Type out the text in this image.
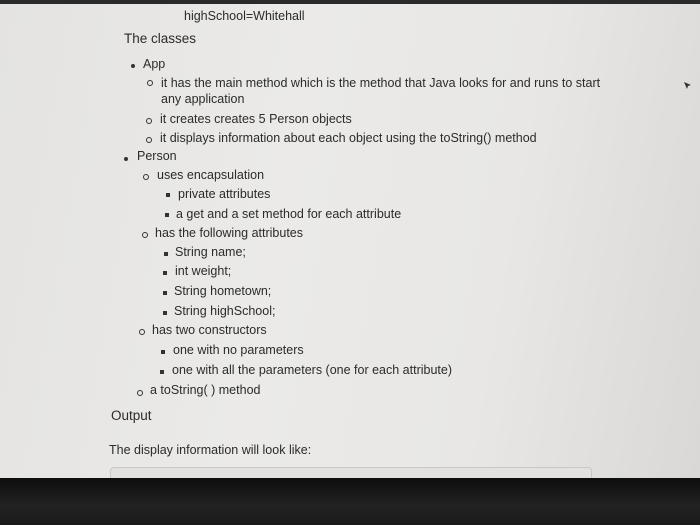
highSchool=Whitehall
The classes
App
it has the main method which is the method that Java looks for and runs to start
any application
it creates creates 5 Person objects
it displays information about each object using the toString() method
Person
uses encapsulation
private attributes
a get and a set method for each attribute
has the following attributes
String name;
int weight;
String hometown;
String highSchool;
has two constructors
one with no parameters
one with all the parameters (one for each attribute)
a toString( ) method
Output
The display information will look like:
